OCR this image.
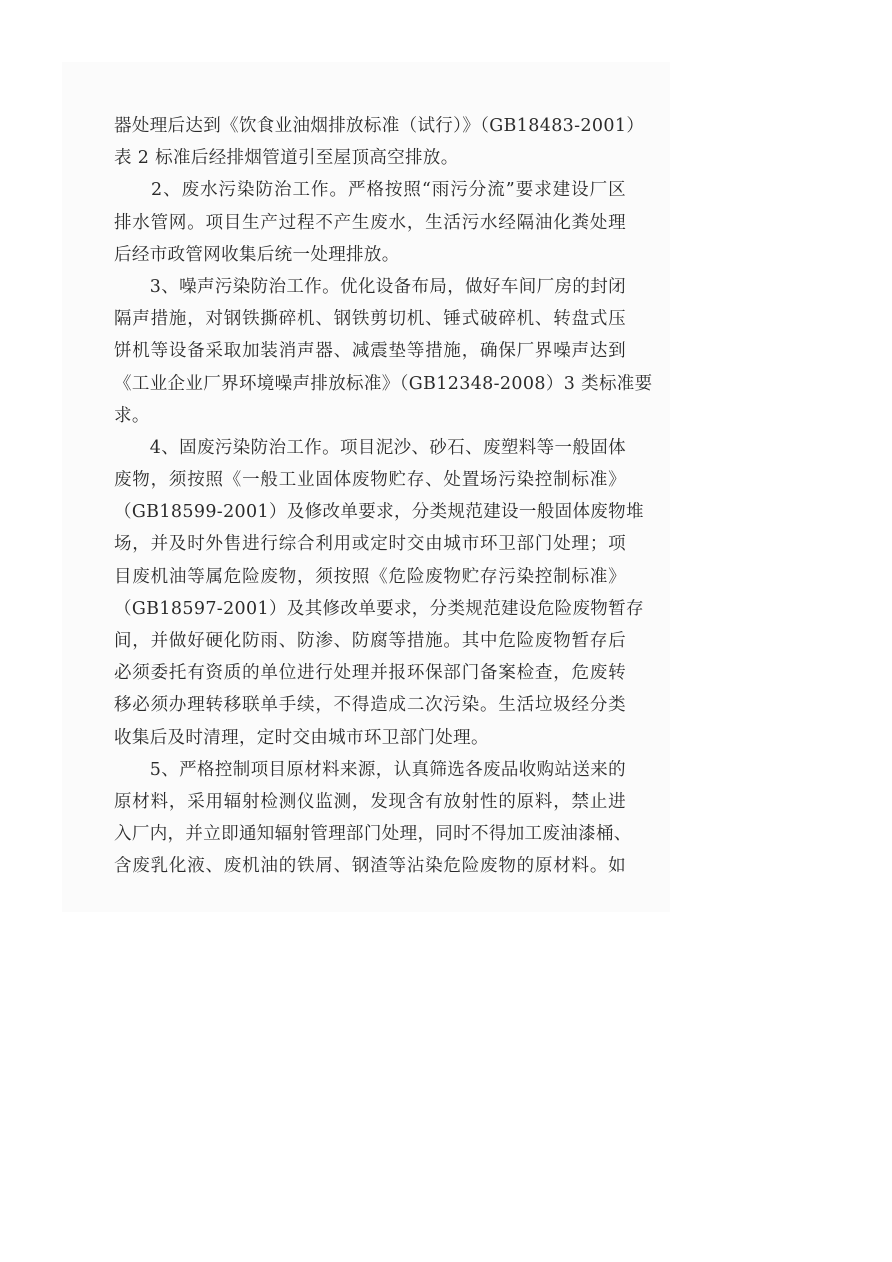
器处理后达到《饮食业油烟排放标准（试行）》（GB18483-2001）
表 2 标准后经排烟管道引至屋顶高空排放。
　　2、废水污染防治工作。严格按照“雨污分流”要求建设厂区
排水管网。项目生产过程不产生废水，生活污水经隔油化粪处理
后经市政管网收集后统一处理排放。
　　3、噪声污染防治工作。优化设备布局，做好车间厂房的封闭
隔声措施，对钢铁撕碎机、钢铁剪切机、锤式破碎机、转盘式压
饼机等设备采取加装消声器、减震垫等措施，确保厂界噪声达到
《工业企业厂界环境噪声排放标准》（GB12348-2008）3 类标准要
求。
　　4、固废污染防治工作。项目泥沙、砂石、废塑料等一般固体
废物，须按照《一般工业固体废物贮存、处置场污染控制标准》
（GB18599-2001）及修改单要求，分类规范建设一般固体废物堆
场，并及时外售进行综合利用或定时交由城市环卫部门处理；项
目废机油等属危险废物，须按照《危险废物贮存污染控制标准》
（GB18597-2001）及其修改单要求，分类规范建设危险废物暂存
间，并做好硬化防雨、防渗、防腐等措施。其中危险废物暂存后
必须委托有资质的单位进行处理并报环保部门备案检查，危废转
移必须办理转移联单手续，不得造成二次污染。生活垃圾经分类
收集后及时清理，定时交由城市环卫部门处理。
　　5、严格控制项目原材料来源，认真筛选各废品收购站送来的
原材料，采用辐射检测仪监测，发现含有放射性的原料，禁止进
入厂内，并立即通知辐射管理部门处理，同时不得加工废油漆桶、
含废乳化液、废机油的铁屑、钢渣等沾染危险废物的原材料。如
